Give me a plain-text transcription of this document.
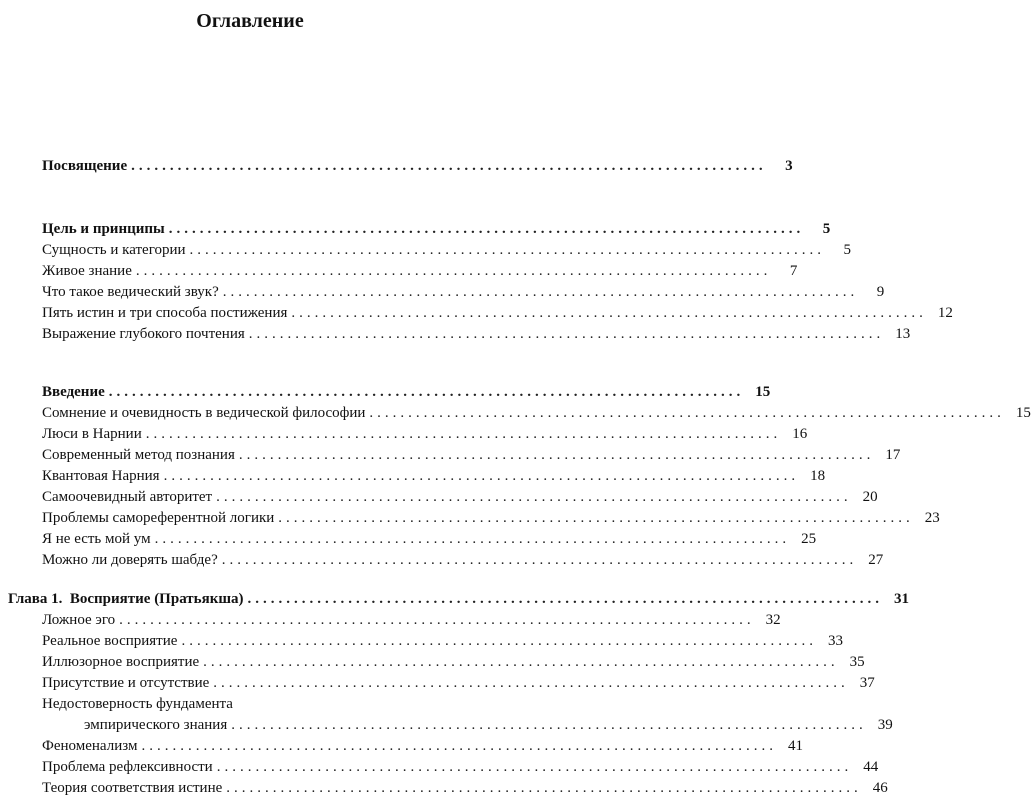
Оглавление
Посвящение ..................................................................................	3
Цель и принципы ..................................................................................	5
Сущность и категории ..................................................................................	5
Живое знание ..................................................................................	7
Что такое ведический звук? ..................................................................................	9
Пять истин и три способа постижения .................................................................................. 12
Выражение глубокого почтения .................................................................................. 13
Введение .................................................................................. 15
Сомнение и очевидность в ведической философии .................................................................................. 15
Люси в Нарнии .................................................................................. 16
Современный метод познания .................................................................................. 17
Квантовая Нарния .................................................................................. 18
Самоочевидный авторитет .................................................................................. 20
Проблемы самореферентной логики .................................................................................. 23
Я не есть мой ум .................................................................................. 25
Можно ли доверять шабде? .................................................................................. 27
Глава 1.  Восприятие (Пратьякша) .................................................................................. 31
Ложное эго .................................................................................. 32
Реальное восприятие .................................................................................. 33
Иллюзорное восприятие .................................................................................. 35
Присутствие и отсутствие .................................................................................. 37
Недостоверность фундамента
эмпирического знания .................................................................................. 39
Феноменализм .................................................................................. 41
Проблема рефлексивности .................................................................................. 44
Теория соответствия истине .................................................................................. 46
